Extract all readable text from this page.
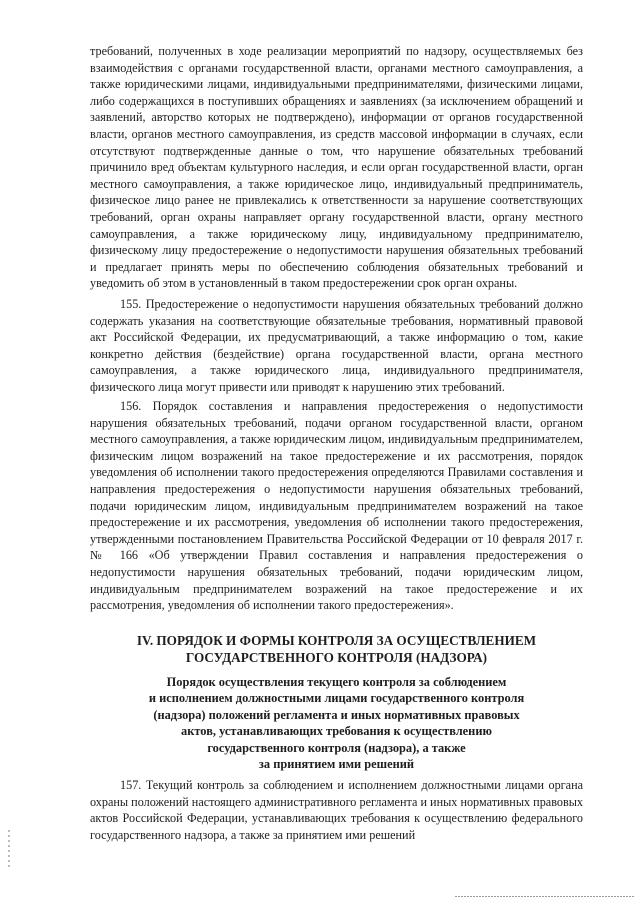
требований, полученных в ходе реализации мероприятий по надзору, осуществляемых без взаимодействия с органами государственной власти, органами местного самоуправления, а также юридическими лицами, индивидуальными предпринимателями, физическими лицами, либо содержащихся в поступивших обращениях и заявлениях (за исключением обращений и заявлений, авторство которых не подтверждено), информации от органов государственной власти, органов местного самоуправления, из средств массовой информации в случаях, если отсутствуют подтвержденные данные о том, что нарушение обязательных требований причинило вред объектам культурного наследия, и если орган государственной власти, орган местного самоуправления, а также юридическое лицо, индивидуальный предприниматель, физическое лицо ранее не привлекались к ответственности за нарушение соответствующих требований, орган охраны направляет органу государственной власти, органу местного самоуправления, а также юридическому лицу, индивидуальному предпринимателю, физическому лицу предостережение о недопустимости нарушения обязательных требований и предлагает принять меры по обеспечению соблюдения обязательных требований и уведомить об этом в установленный в таком предостережении срок орган охраны.

155. Предостережение о недопустимости нарушения обязательных требований должно содержать указания на соответствующие обязательные требования, нормативный правовой акт Российской Федерации, их предусматривающий, а также информацию о том, какие конкретно действия (бездействие) органа государственной власти, органа местного самоуправления, а также юридического лица, индивидуального предпринимателя, физического лица могут привести или приводят к нарушению этих требований.

156. Порядок составления и направления предостережения о недопустимости нарушения обязательных требований, подачи органом государственной власти, органом местного самоуправления, а также юридическим лицом, индивидуальным предпринимателем, физическим лицом возражений на такое предостережение и их рассмотрения, порядок уведомления об исполнении такого предостережения определяются Правилами составления и направления предостережения о недопустимости нарушения обязательных требований, подачи юридическим лицом, индивидуальным предпринимателем возражений на такое предостережение и их рассмотрения, уведомления об исполнении такого предостережения, утвержденными постановлением Правительства Российской Федерации от 10 февраля 2017 г. № 166 «Об утверждении Правил составления и направления предостережения о недопустимости нарушения обязательных требований, подачи юридическим лицом, индивидуальным предпринимателем возражений на такое предостережение и их рассмотрения, уведомления об исполнении такого предостережения».

IV. ПОРЯДОК И ФОРМЫ КОНТРОЛЯ ЗА ОСУЩЕСТВЛЕНИЕМ
ГОСУДАРСТВЕННОГО КОНТРОЛЯ (НАДЗОРА)
Порядок осуществления текущего контроля за соблюдением
и исполнением должностными лицами государственного контроля
(надзора) положений регламента и иных нормативных правовых
актов, устанавливающих требования к осуществлению
государственного контроля (надзора), а также
за принятием ими решений

157. Текущий контроль за соблюдением и исполнением должностными лицами органа охраны положений настоящего административного регламента и иных нормативных правовых актов Российской Федерации, устанавливающих требования к осуществлению федерального государственного надзора, а также за принятием ими решений
